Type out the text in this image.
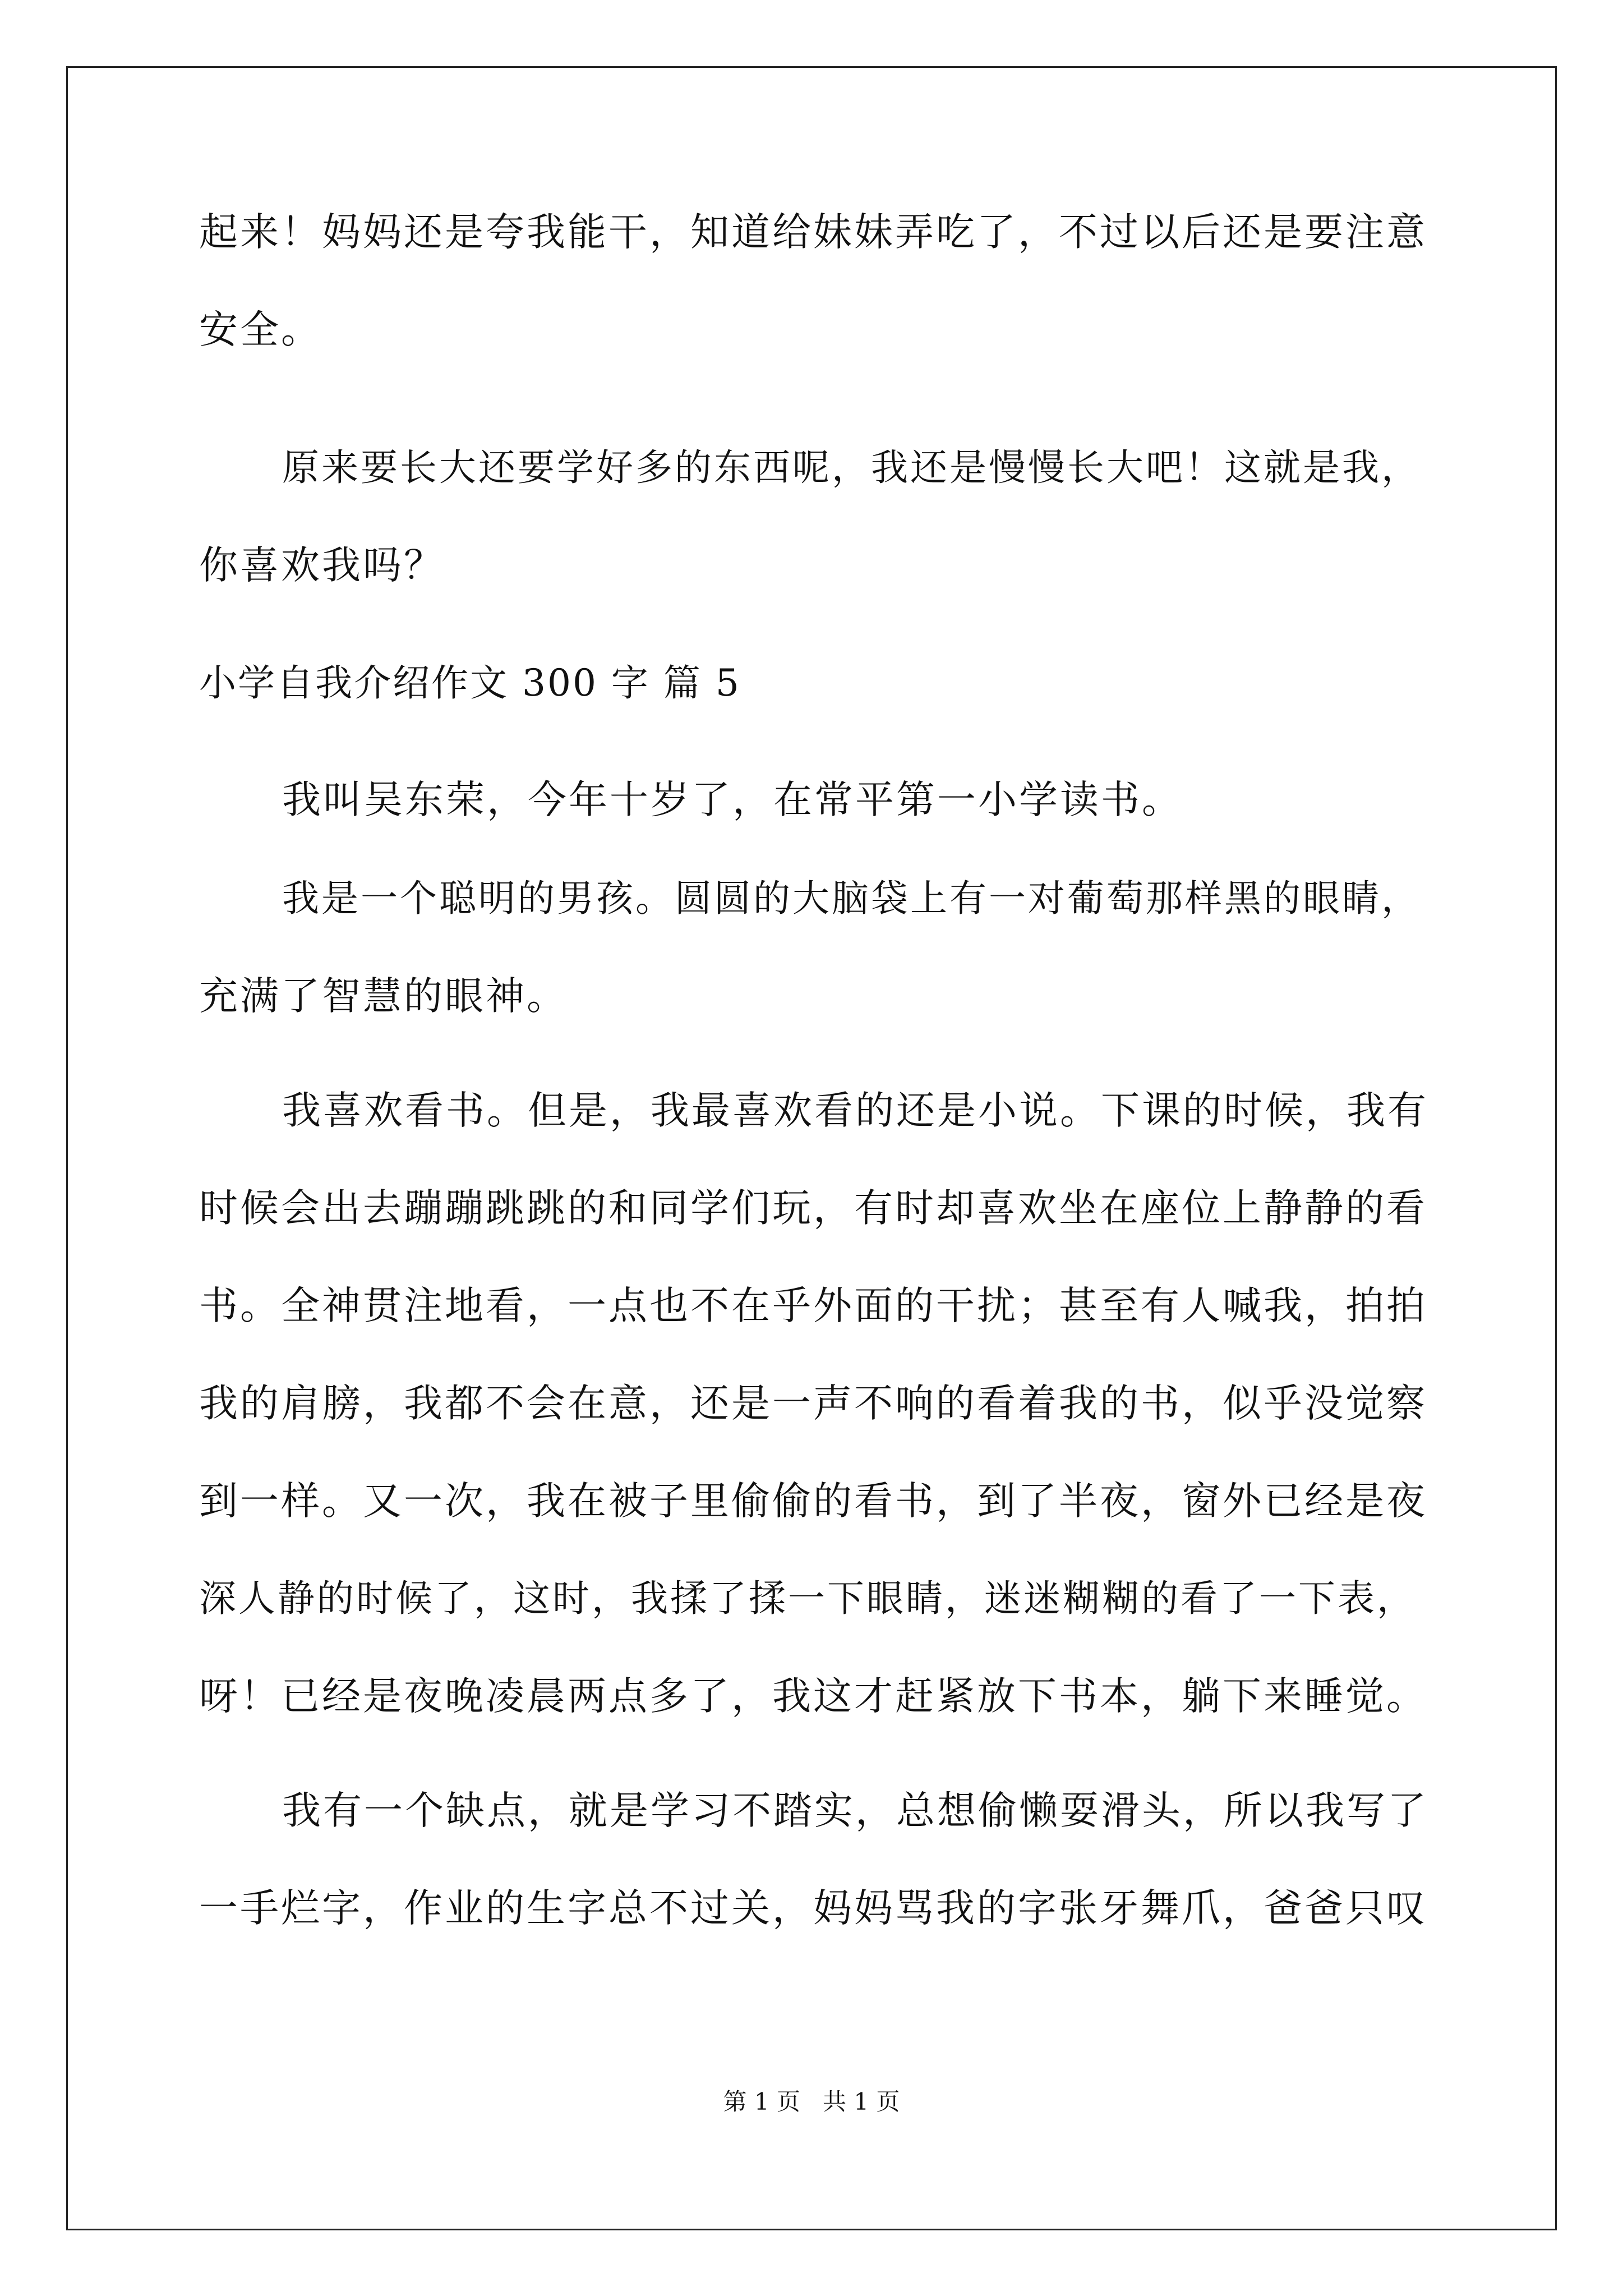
起来！妈妈还是夸我能干，知道给妹妹弄吃了，不过以后还是要注意
安全。
原来要长大还要学好多的东西呢，我还是慢慢长大吧！这就是我，
你喜欢我吗？
小学自我介绍作文 300 字 篇 5
我叫吴东荣，今年十岁了，在常平第一小学读书。
我是一个聪明的男孩。圆圆的大脑袋上有一对葡萄那样黑的眼睛，
充满了智慧的眼神。
我喜欢看书。但是，我最喜欢看的还是小说。下课的时候，我有
时候会出去蹦蹦跳跳的和同学们玩，有时却喜欢坐在座位上静静的看
书。全神贯注地看，一点也不在乎外面的干扰；甚至有人喊我，拍拍
我的肩膀，我都不会在意，还是一声不响的看着我的书，似乎没觉察
到一样。又一次，我在被子里偷偷的看书，到了半夜，窗外已经是夜
深人静的时候了，这时，我揉了揉一下眼睛，迷迷糊糊的看了一下表，
呀！已经是夜晚凌晨两点多了，我这才赶紧放下书本，躺下来睡觉。
我有一个缺点，就是学习不踏实，总想偷懒耍滑头，所以我写了
一手烂字，作业的生字总不过关，妈妈骂我的字张牙舞爪，爸爸只叹
第 1 页   共 1 页
